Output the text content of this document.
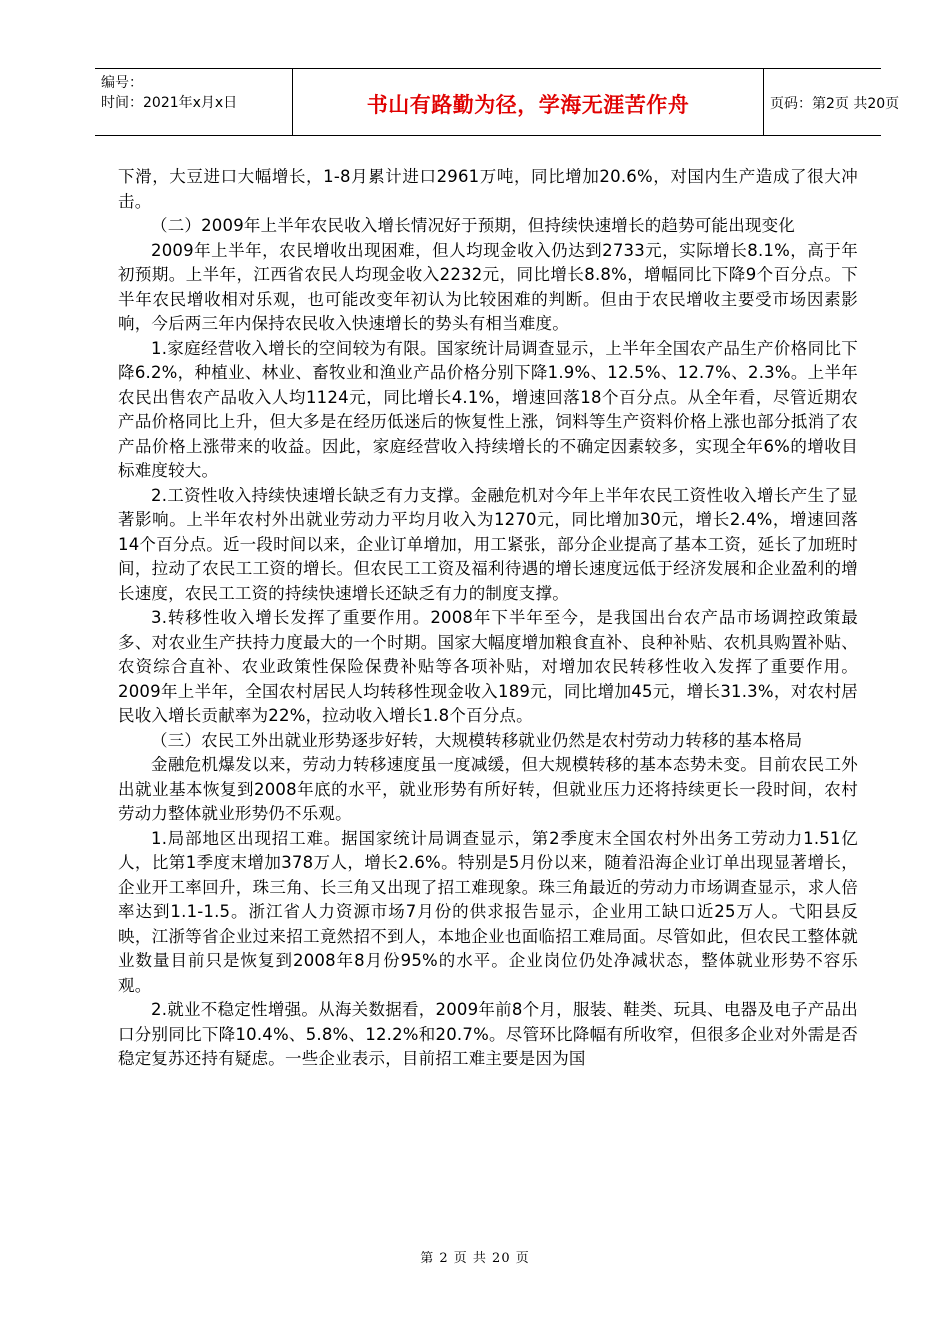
编号：
时间：2021年x月x日	书山有路勤为径，学海无涯苦作舟	页码：第2页 共20页

下滑，大豆进口大幅增长，1-8月累计进口2961万吨，同比增加20.6%，对国内生产造成了很大冲击。

（二）2009年上半年农民收入增长情况好于预期，但持续快速增长的趋势可能出现变化

2009年上半年，农民增收出现困难，但人均现金收入仍达到2733元，实际增长8.1%，高于年初预期。上半年，江西省农民人均现金收入2232元，同比增长8.8%，增幅同比下降9个百分点。下半年农民增收相对乐观，也可能改变年初认为比较困难的判断。但由于农民增收主要受市场因素影响，今后两三年内保持农民收入快速增长的势头有相当难度。

1.家庭经营收入增长的空间较为有限。国家统计局调查显示，上半年全国农产品生产价格同比下降6.2%，种植业、林业、畜牧业和渔业产品价格分别下降1.9%、12.5%、12.7%、2.3%。上半年农民出售农产品收入人均1124元，同比增长4.1%，增速回落18个百分点。从全年看，尽管近期农产品价格同比上升，但大多是在经历低迷后的恢复性上涨，饲料等生产资料价格上涨也部分抵消了农产品价格上涨带来的收益。因此，家庭经营收入持续增长的不确定因素较多，实现全年6%的增收目标难度较大。

2.工资性收入持续快速增长缺乏有力支撑。金融危机对今年上半年农民工资性收入增长产生了显著影响。上半年农村外出就业劳动力平均月收入为1270元，同比增加30元，增长2.4%，增速回落14个百分点。近一段时间以来，企业订单增加，用工紧张，部分企业提高了基本工资，延长了加班时间，拉动了农民工工资的增长。但农民工工资及福利待遇的增长速度远低于经济发展和企业盈利的增长速度，农民工工资的持续快速增长还缺乏有力的制度支撑。

3.转移性收入增长发挥了重要作用。2008年下半年至今，是我国出台农产品市场调控政策最多、对农业生产扶持力度最大的一个时期。国家大幅度增加粮食直补、良种补贴、农机具购置补贴、农资综合直补、农业政策性保险保费补贴等各项补贴，对增加农民转移性收入发挥了重要作用。2009年上半年，全国农村居民人均转移性现金收入189元，同比增加45元，增长31.3%，对农村居民收入增长贡献率为22%，拉动收入增长1.8个百分点。

（三）农民工外出就业形势逐步好转，大规模转移就业仍然是农村劳动力转移的基本格局

金融危机爆发以来，劳动力转移速度虽一度减缓，但大规模转移的基本态势未变。目前农民工外出就业基本恢复到2008年底的水平，就业形势有所好转，但就业压力还将持续更长一段时间，农村劳动力整体就业形势仍不乐观。

1.局部地区出现招工难。据国家统计局调查显示，第2季度末全国农村外出务工劳动力1.51亿人，比第1季度末增加378万人，增长2.6%。特别是5月份以来，随着沿海企业订单出现显著增长，企业开工率回升，珠三角、长三角又出现了招工难现象。珠三角最近的劳动力市场调查显示，求人倍率达到1.1-1.5。浙江省人力资源市场7月份的供求报告显示，企业用工缺口近25万人。弋阳县反映，江浙等省企业过来招工竟然招不到人，本地企业也面临招工难局面。尽管如此，但农民工整体就业数量目前只是恢复到2008年8月份95%的水平。企业岗位仍处净减状态，整体就业形势不容乐观。

2.就业不稳定性增强。从海关数据看，2009年前8个月，服装、鞋类、玩具、电器及电子产品出口分别同比下降10.4%、5.8%、12.2%和20.7%。尽管环比降幅有所收窄，但很多企业对外需是否稳定复苏还持有疑虑。一些企业表示，目前招工难主要是因为国

第 2 页 共 20 页
